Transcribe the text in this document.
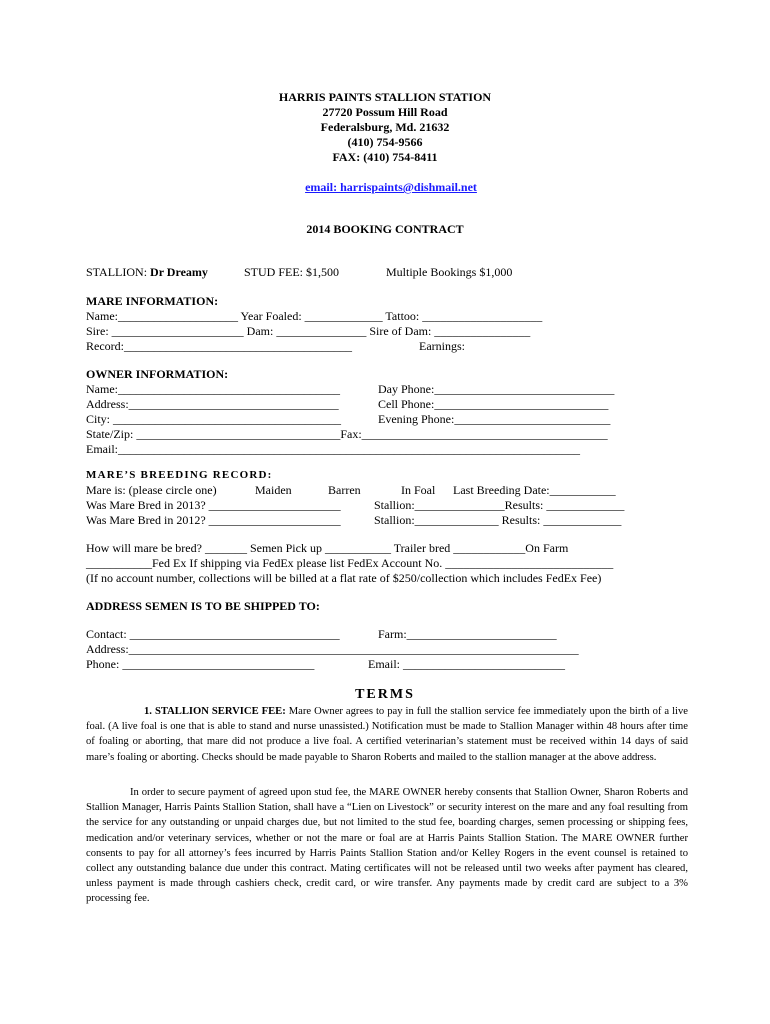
HARRIS PAINTS STALLION STATION
27720 Possum Hill Road
Federalsburg, Md. 21632
(410) 754-9566
FAX: (410) 754-8411

email: harrispaints@dishmail.net

2014 BOOKING CONTRACT
STALLION: Dr Dreamy	STUD FEE: $1,500	Multiple Bookings $1,000
MARE INFORMATION:
Name:____________________ Year Foaled: _____________ Tattoo: ____________________
Sire: ______________________ Dam: _______________ Sire of Dam: ________________
Record:______________________________________	Earnings:
OWNER INFORMATION:
Name:_____________________________________	Day Phone:______________________________
Address:___________________________________	Cell Phone:_____________________________
City: ______________________________________	Evening Phone:__________________________
State/Zip: __________________________________Fax:_________________________________________
Email:_____________________________________________________________________________
MARE’S BREEDING RECORD:
Mare is: (please circle one)	Maiden	Barren	In Foal Last Breeding Date:___________
Was Mare Bred in 2013? ______________________	Stallion:_______________Results: _____________
Was Mare Bred in 2012? ______________________	Stallion:______________ Results: _____________
How will mare be bred? _______ Semen Pick up ___________ Trailer bred ____________On Farm
___________Fed Ex If shipping via FedEx please list FedEx Account No. ____________________________
(If no account number, collections will be billed at a flat rate of $250/collection which includes FedEx Fee)
ADDRESS SEMEN IS TO BE SHIPPED TO:
Contact: ___________________________________	Farm:_________________________
Address:___________________________________________________________________________
Phone: ________________________________	Email: ___________________________
TERMS
1. STALLION SERVICE FEE: Mare Owner agrees to pay in full the stallion service fee immediately upon the birth of a live foal. (A live foal is one that is able to stand and nurse unassisted.) Notification must be made to Stallion Manager within 48 hours after time of foaling or aborting, that mare did not produce a live foal. A certified veterinarian’s statement must be received within 14 days of said mare’s foaling or aborting. Checks should be made payable to Sharon Roberts and mailed to the stallion manager at the above address.
In order to secure payment of agreed upon stud fee, the MARE OWNER hereby consents that Stallion Owner, Sharon Roberts and Stallion Manager, Harris Paints Stallion Station, shall have a “Lien on Livestock” or security interest on the mare and any foal resulting from the service for any outstanding or unpaid charges due, but not limited to the stud fee, boarding charges, semen processing or shipping fees, medication and/or veterinary services, whether or not the mare or foal are at Harris Paints Stallion Station. The MARE OWNER further consents to pay for all attorney’s fees incurred by Harris Paints Stallion Station and/or Kelley Rogers in the event counsel is retained to collect any outstanding balance due under this contract. Mating certificates will not be released until two weeks after payment has cleared, unless payment is made through cashiers check, credit card, or wire transfer. Any payments made by credit card are subject to a 3% processing fee.
